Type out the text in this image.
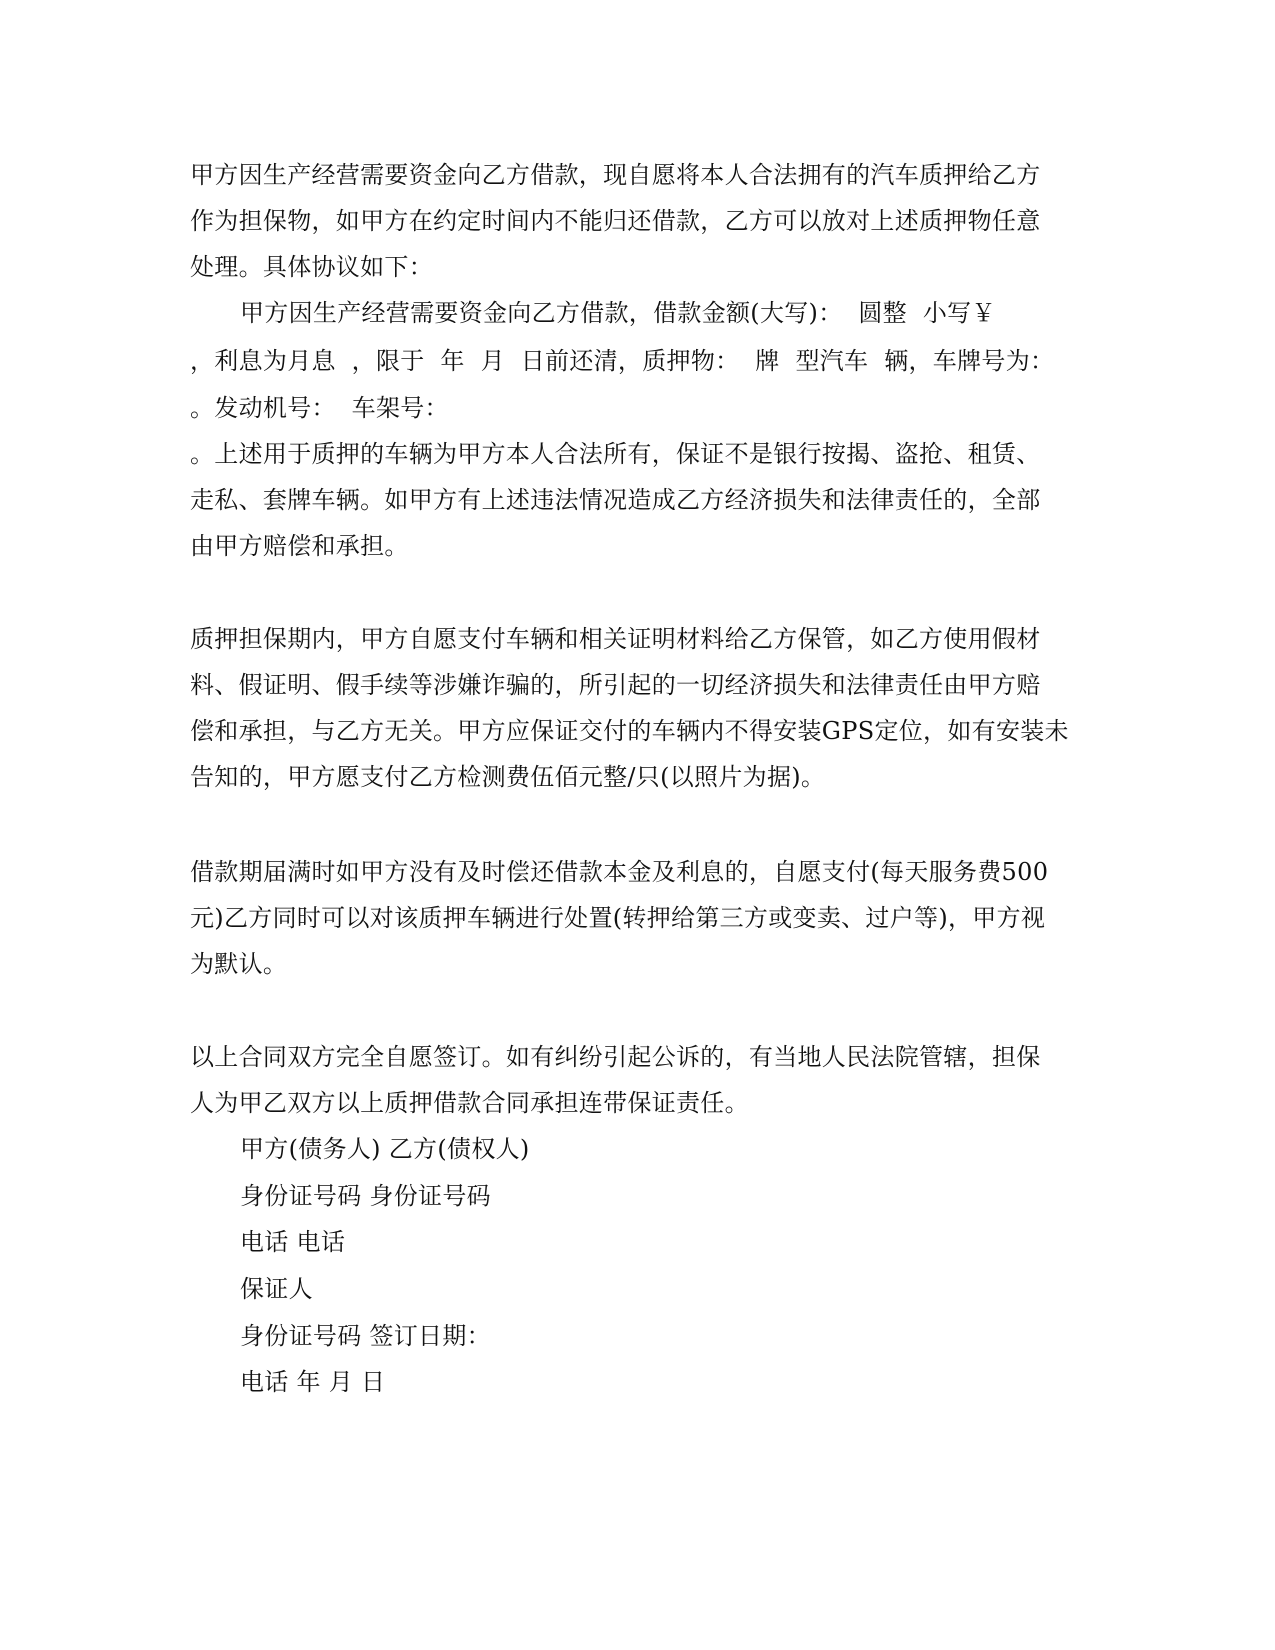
甲方因生产经营需要资金向乙方借款，现自愿将本人合法拥有的汽车质押给乙方
作为担保物，如甲方在约定时间内不能归还借款，乙方可以放对上述质押物任意
处理。具体协议如下：
甲方因生产经营需要资金向乙方借款，借款金额(大写)：  圆整  小写￥
，利息为月息  ，限于  年  月  日前还清，质押物：  牌  型汽车  辆，车牌号为：
。发动机号：  车架号：
。上述用于质押的车辆为甲方本人合法所有，保证不是银行按揭、盗抢、租赁、
走私、套牌车辆。如甲方有上述违法情况造成乙方经济损失和法律责任的，全部
由甲方赔偿和承担。
质押担保期内，甲方自愿支付车辆和相关证明材料给乙方保管，如乙方使用假材
料、假证明、假手续等涉嫌诈骗的，所引起的一切经济损失和法律责任由甲方赔
偿和承担，与乙方无关。甲方应保证交付的车辆内不得安装GPS定位，如有安装未
告知的，甲方愿支付乙方检测费伍佰元整/只(以照片为据)。
借款期届满时如甲方没有及时偿还借款本金及利息的，自愿支付(每天服务费500
元)乙方同时可以对该质押车辆进行处置(转押给第三方或变卖、过户等)，甲方视
为默认。
以上合同双方完全自愿签订。如有纠纷引起公诉的，有当地人民法院管辖，担保
人为甲乙双方以上质押借款合同承担连带保证责任。
甲方(债务人) 乙方(债权人)
身份证号码 身份证号码
电话 电话
保证人
身份证号码 签订日期：
电话 年 月 日
